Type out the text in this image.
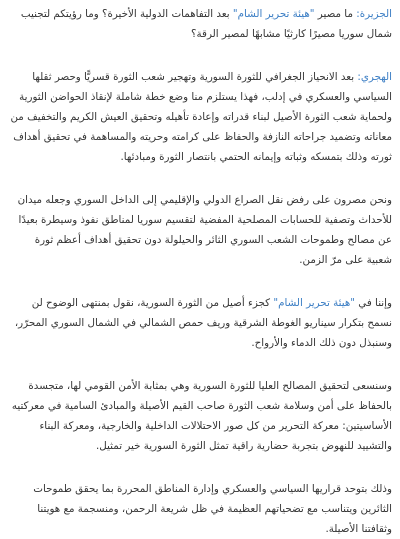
الجزيرة: ما مصير "هيئة تحرير الشام" بعد التفاهمات الدولية الأخيرة؟ وما رؤيتكم لتجنيب شمال سوريا مصيرًا كارثيًا مشابهًا لمصير الرقة؟

الهجري: بعد الانحياز الجغرافي للثورة السورية وتهجير شعب الثورة قسريًّا وحصر ثقلها السياسي والعسكري في إدلب، فهذا يستلزم منا وضع خطة شاملة لإنقاذ الحواضن الثورية ولحماية شعب الثورة الأصيل لبناء قدراته وإعادة تأهيله وتحقيق العيش الكريم والتخفيف من معاناته وتضميد جراحاته النازفة والحفاظ على كرامته وحريته والمساهمة في تحقيق أهداف ثورته وذلك بتمسكه وثباته وإيمانه الحتمي بانتصار الثورة ومبادئها.

ونحن مصرون على رفض نقل الصراع الدولي والإقليمي إلى الداخل السوري وجعله ميدان للأحداث وتصفية للحسابات المصلحية المفضية لتقسيم سوريا لمناطق نفوذ وسيطرة بعيدًا عن مصالح وطموحات الشعب السوري الثائر والحيلولة دون تحقيق أهداف أعظم ثورة شعبية على مرّ الزمن.

وإننا في "هيئة تحرير الشام" كجزء أصيل من الثورة السورية، نقول بمنتهى الوضوح لن نسمح بتكرار سيناريو الغوطة الشرقية وريف حمص الشمالي في الشمال السوري المحرّر، وسنبذل دون ذلك الدماء والأرواح.

وسنسعى لتحقيق المصالح العليا للثورة السورية وهي بمثابة الأمن القومي لها، متجسدة بالحفاظ على أمن وسلامة شعب الثورة صاحب القيم الأصيلة والمبادئ السامية في معركتيه الأساسيتين: معركة التحرير من كل صور الاحتلالات الداخلية والخارجية، ومعركة البناء والتشييد للنهوض بتجربة حضارية راقية تمثل الثورة السورية خير تمثيل.

وذلك بتوحد قراريها السياسي والعسكري وإدارة المناطق المحررة بما يحقق طموحات الثائرين ويتناسب مع تضحياتهم العظيمة في ظل شريعة الرحمن، ومنسجمة مع هويتنا وثقافتنا الأصيلة.
